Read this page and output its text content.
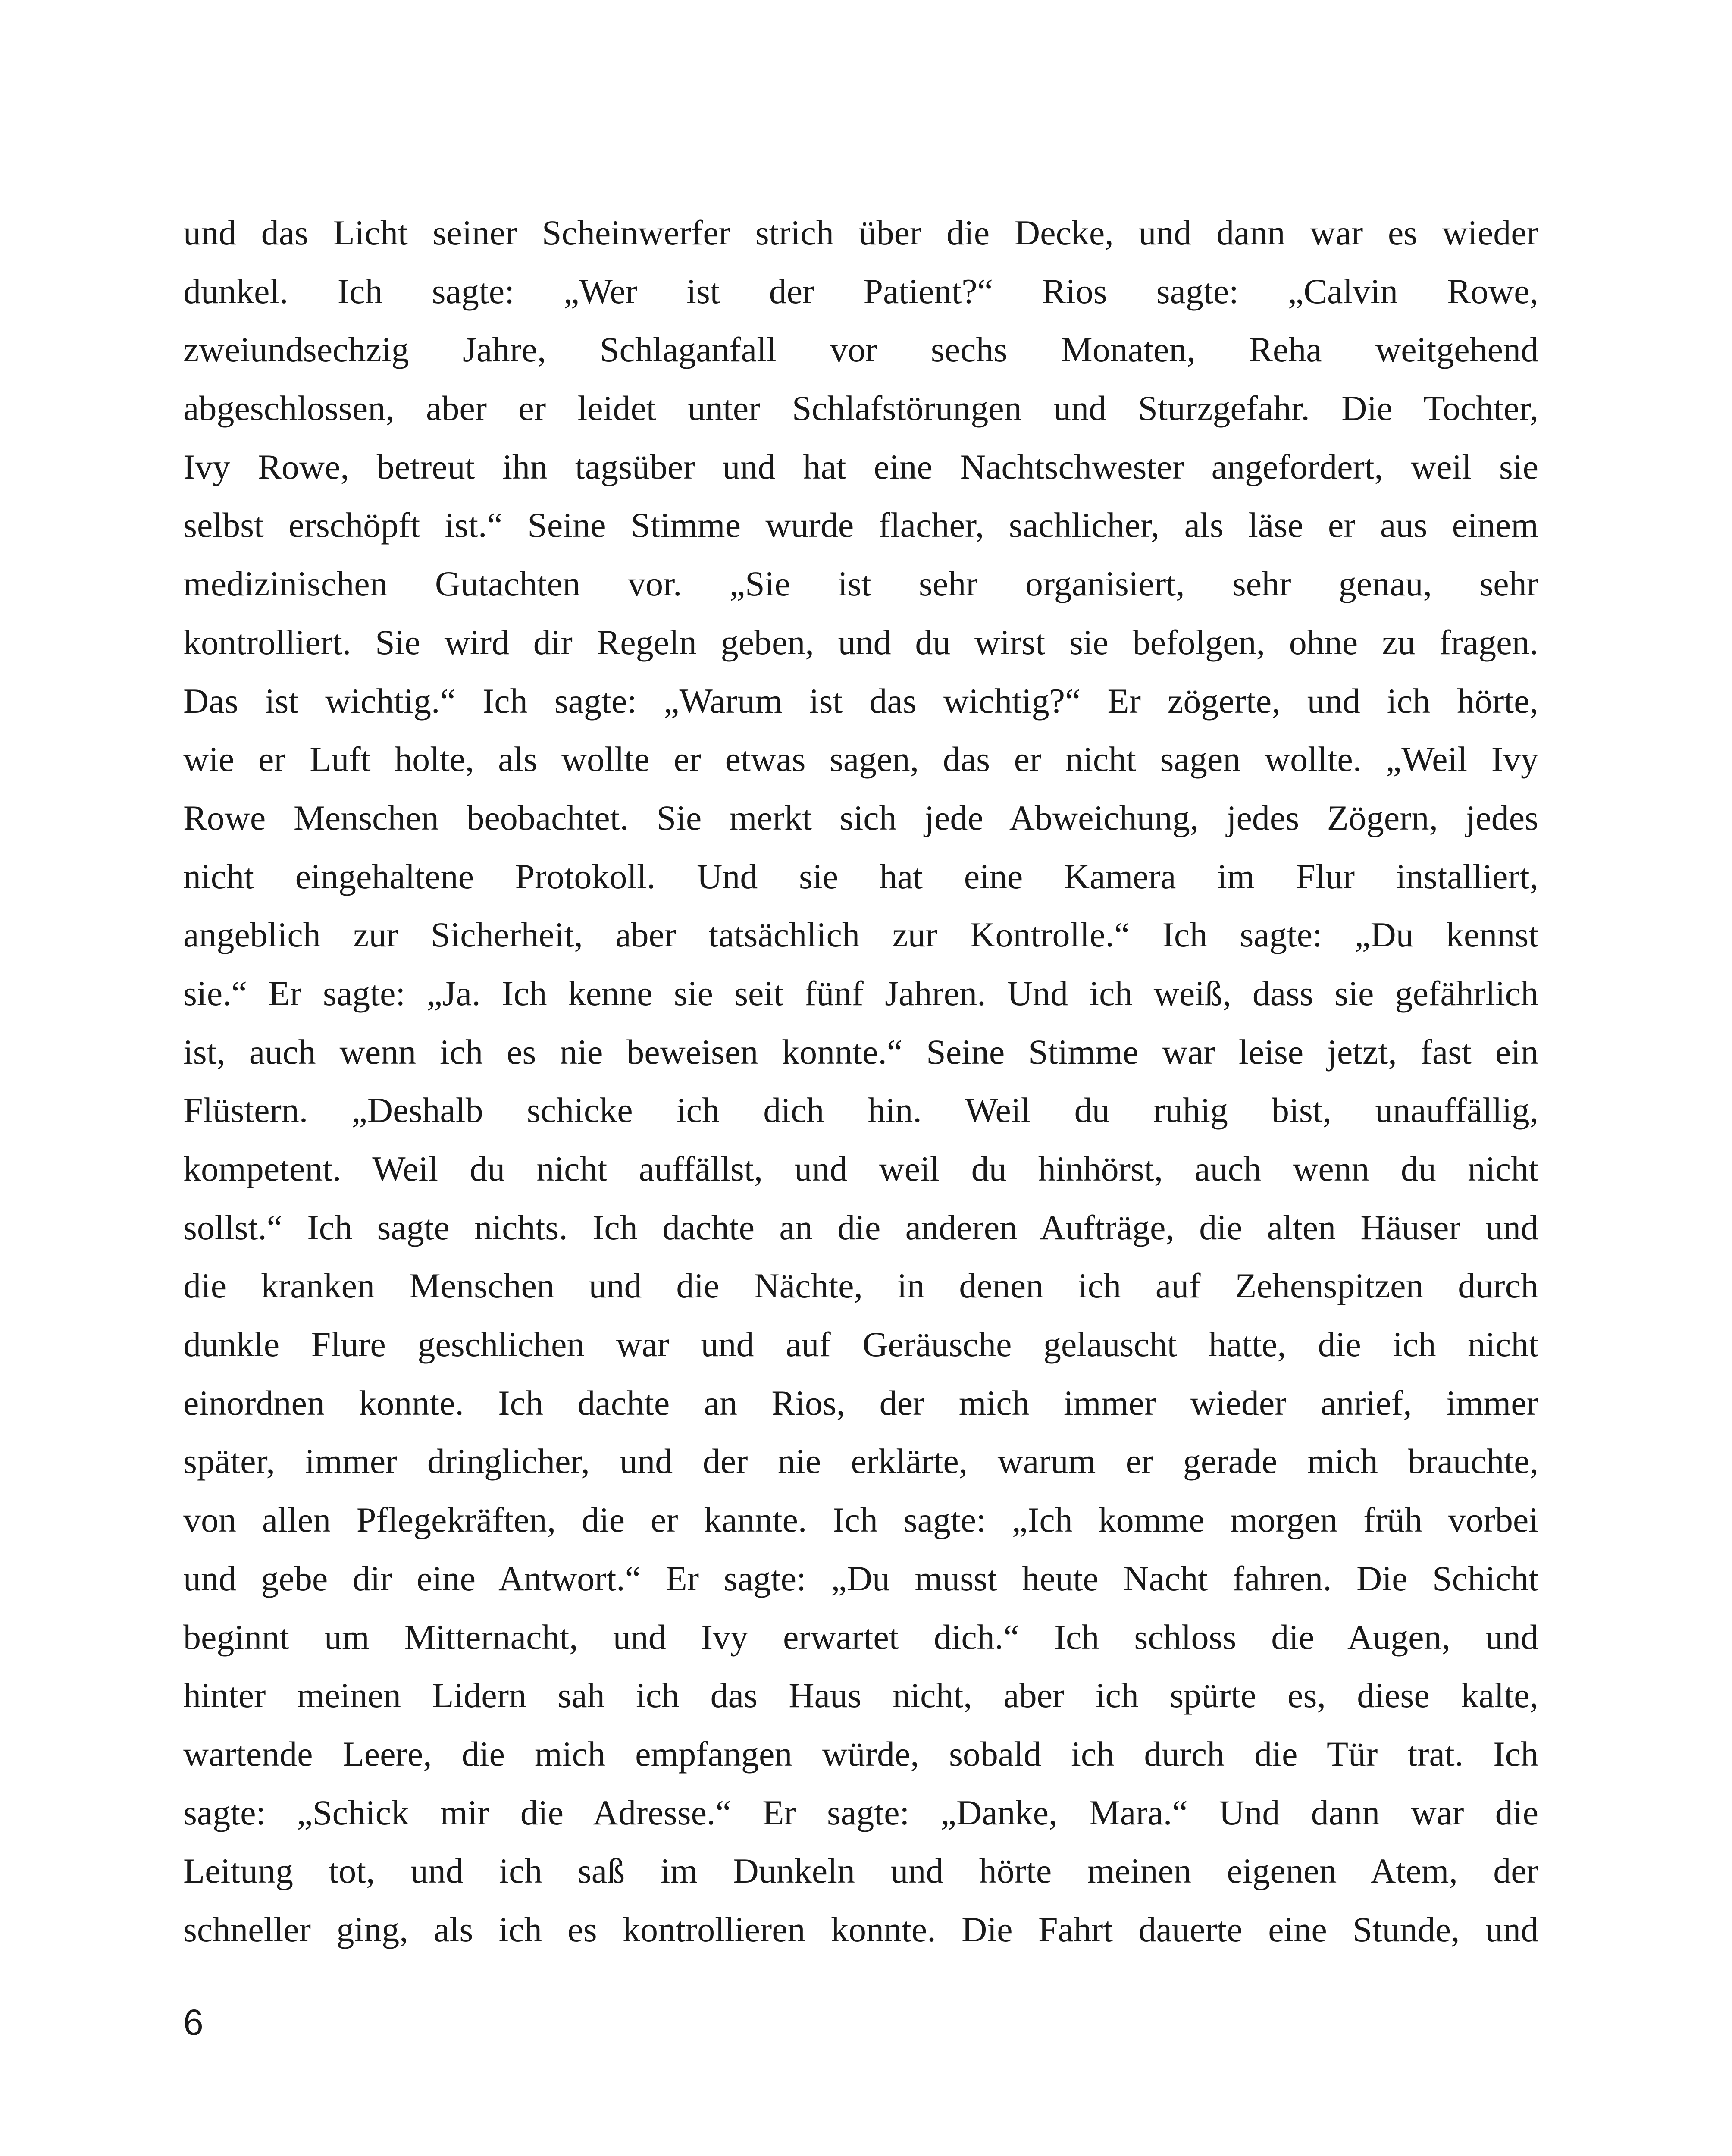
und das Licht seiner Scheinwerfer strich über die Decke, und dann war es wieder
dunkel. Ich sagte: „Wer ist der Patient?“ Rios sagte: „Calvin Rowe,
zweiundsechzig Jahre, Schlaganfall vor sechs Monaten, Reha weitgehend
abgeschlossen, aber er leidet unter Schlafstörungen und Sturzgefahr. Die Tochter,
Ivy Rowe, betreut ihn tagsüber und hat eine Nachtschwester angefordert, weil sie
selbst erschöpft ist.“ Seine Stimme wurde flacher, sachlicher, als läse er aus einem
medizinischen Gutachten vor. „Sie ist sehr organisiert, sehr genau, sehr
kontrolliert. Sie wird dir Regeln geben, und du wirst sie befolgen, ohne zu fragen.
Das ist wichtig.“ Ich sagte: „Warum ist das wichtig?“ Er zögerte, und ich hörte,
wie er Luft holte, als wollte er etwas sagen, das er nicht sagen wollte. „Weil Ivy
Rowe Menschen beobachtet. Sie merkt sich jede Abweichung, jedes Zögern, jedes
nicht eingehaltene Protokoll. Und sie hat eine Kamera im Flur installiert,
angeblich zur Sicherheit, aber tatsächlich zur Kontrolle.“ Ich sagte: „Du kennst
sie.“ Er sagte: „Ja. Ich kenne sie seit fünf Jahren. Und ich weiß, dass sie gefährlich
ist, auch wenn ich es nie beweisen konnte.“ Seine Stimme war leise jetzt, fast ein
Flüstern. „Deshalb schicke ich dich hin. Weil du ruhig bist, unauffällig,
kompetent. Weil du nicht auffällst, und weil du hinhörst, auch wenn du nicht
sollst.“ Ich sagte nichts. Ich dachte an die anderen Aufträge, die alten Häuser und
die kranken Menschen und die Nächte, in denen ich auf Zehenspitzen durch
dunkle Flure geschlichen war und auf Geräusche gelauscht hatte, die ich nicht
einordnen konnte. Ich dachte an Rios, der mich immer wieder anrief, immer
später, immer dringlicher, und der nie erklärte, warum er gerade mich brauchte,
von allen Pflegekräften, die er kannte. Ich sagte: „Ich komme morgen früh vorbei
und gebe dir eine Antwort.“ Er sagte: „Du musst heute Nacht fahren. Die Schicht
beginnt um Mitternacht, und Ivy erwartet dich.“ Ich schloss die Augen, und
hinter meinen Lidern sah ich das Haus nicht, aber ich spürte es, diese kalte,
wartende Leere, die mich empfangen würde, sobald ich durch die Tür trat. Ich
sagte: „Schick mir die Adresse.“ Er sagte: „Danke, Mara.“ Und dann war die
Leitung tot, und ich saß im Dunkeln und hörte meinen eigenen Atem, der
schneller ging, als ich es kontrollieren konnte. Die Fahrt dauerte eine Stunde, und
6
